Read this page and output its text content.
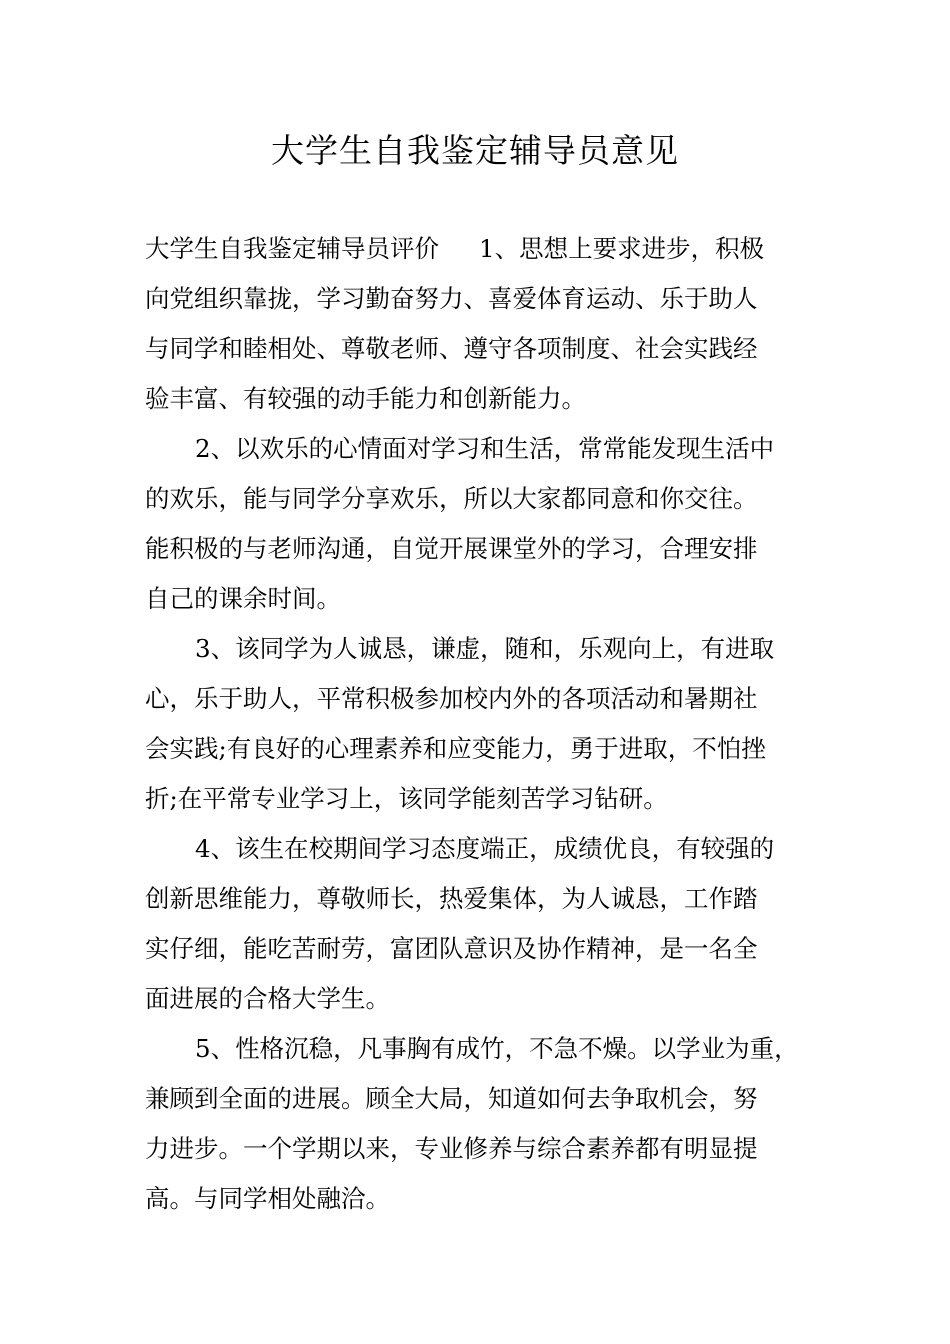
大学生自我鉴定辅导员意见
大学生自我鉴定辅导员评价 1、思想上要求进步，积极
向党组织靠拢，学习勤奋努力、喜爱体育运动、乐于助人
与同学和睦相处、尊敬老师、遵守各项制度、社会实践经
验丰富、有较强的动手能力和创新能力。
2、以欢乐的心情面对学习和生活，常常能发现生活中
的欢乐，能与同学分享欢乐，所以大家都同意和你交往。
能积极的与老师沟通，自觉开展课堂外的学习，合理安排
自己的课余时间。
3、该同学为人诚恳，谦虚，随和，乐观向上，有进取
心，乐于助人，平常积极参加校内外的各项活动和暑期社
会实践;有良好的心理素养和应变能力，勇于进取，不怕挫
折;在平常专业学习上，该同学能刻苦学习钻研。
4、该生在校期间学习态度端正，成绩优良，有较强的
创新思维能力，尊敬师长，热爱集体，为人诚恳，工作踏
实仔细，能吃苦耐劳，富团队意识及协作精神，是一名全
面进展的合格大学生。
5、性格沉稳，凡事胸有成竹，不急不燥。以学业为重，
兼顾到全面的进展。顾全大局，知道如何去争取机会，努
力进步。一个学期以来，专业修养与综合素养都有明显提
高。与同学相处融洽。
